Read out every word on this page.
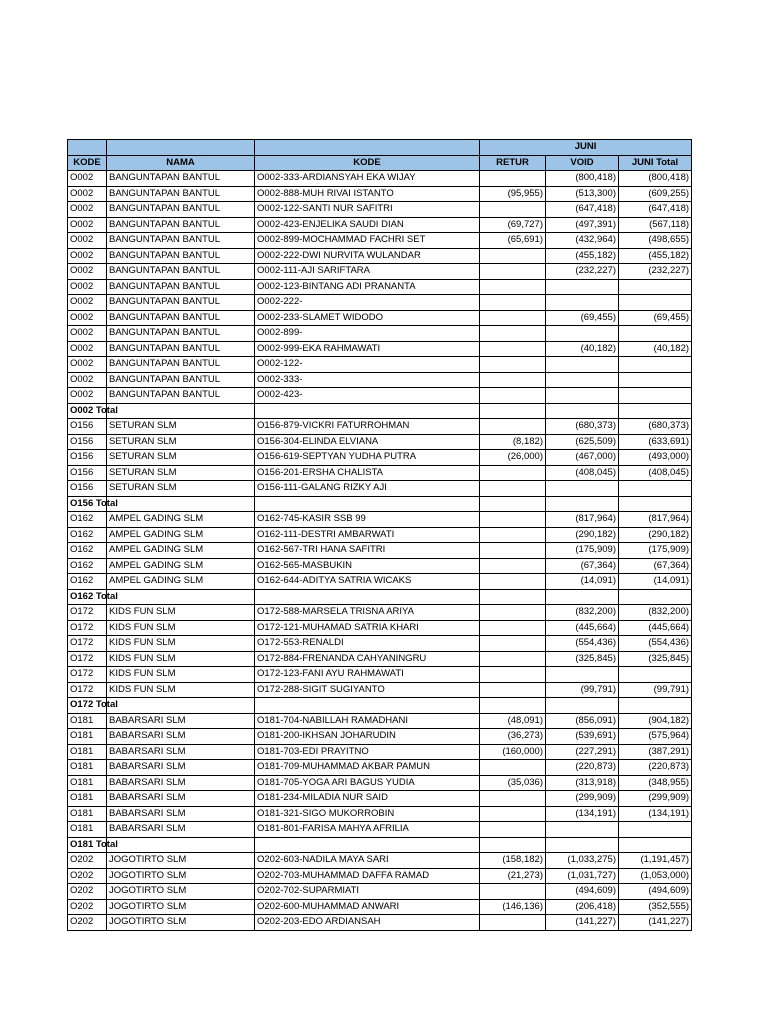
			JUNI		
KODE	NAMA	KODE	RETUR	VOID	JUNI Total
O002	BANGUNTAPAN BANTUL	O002-333-ARDIANSYAH EKA WIJAY		(800,418)	(800,418)
O002	BANGUNTAPAN BANTUL	O002-888-MUH RIVAI ISTANTO	(95,955)	(513,300)	(609,255)
O002	BANGUNTAPAN BANTUL	O002-122-SANTI NUR SAFITRI		(647,418)	(647,418)
O002	BANGUNTAPAN BANTUL	O002-423-ENJELIKA SAUDI DIAN	(69,727)	(497,391)	(567,118)
O002	BANGUNTAPAN BANTUL	O002-899-MOCHAMMAD FACHRI SET	(65,691)	(432,964)	(498,655)
O002	BANGUNTAPAN BANTUL	O002-222-DWI NURVITA WULANDAR		(455,182)	(455,182)
O002	BANGUNTAPAN BANTUL	O002-111-AJI SARIFTARA		(232,227)	(232,227)
O002	BANGUNTAPAN BANTUL	O002-123-BINTANG ADI PRANANTA			
O002	BANGUNTAPAN BANTUL	O002-222-			
O002	BANGUNTAPAN BANTUL	O002-233-SLAMET WIDODO		(69,455)	(69,455)
O002	BANGUNTAPAN BANTUL	O002-899-			
O002	BANGUNTAPAN BANTUL	O002-999-EKA RAHMAWATI		(40,182)	(40,182)
O002	BANGUNTAPAN BANTUL	O002-122-			
O002	BANGUNTAPAN BANTUL	O002-333-			
O002	BANGUNTAPAN BANTUL	O002-423-			
O002 Total					
O156	SETURAN SLM	O156-879-VICKRI FATURROHMAN		(680,373)	(680,373)
O156	SETURAN SLM	O156-304-ELINDA ELVIANA	(8,182)	(625,509)	(633,691)
O156	SETURAN SLM	O156-619-SEPTYAN YUDHA PUTRA	(26,000)	(467,000)	(493,000)
O156	SETURAN SLM	O156-201-ERSHA CHALISTA		(408,045)	(408,045)
O156	SETURAN SLM	O156-111-GALANG RIZKY AJI			
O156 Total					
O162	AMPEL GADING SLM	O162-745-KASIR SSB 99		(817,964)	(817,964)
O162	AMPEL GADING SLM	O162-111-DESTRI AMBARWATI		(290,182)	(290,182)
O162	AMPEL GADING SLM	O162-567-TRI HANA SAFITRI		(175,909)	(175,909)
O162	AMPEL GADING SLM	O162-565-MASBUKIN		(67,364)	(67,364)
O162	AMPEL GADING SLM	O162-644-ADITYA SATRIA WICAKS		(14,091)	(14,091)
O162 Total					
O172	KIDS FUN SLM	O172-588-MARSELA TRISNA ARIYA		(832,200)	(832,200)
O172	KIDS FUN SLM	O172-121-MUHAMAD SATRIA KHARI		(445,664)	(445,664)
O172	KIDS FUN SLM	O172-553-RENALDI		(554,436)	(554,436)
O172	KIDS FUN SLM	O172-884-FRENANDA CAHYANINGRU		(325,845)	(325,845)
O172	KIDS FUN SLM	O172-123-FANI AYU RAHMAWATI			
O172	KIDS FUN SLM	O172-288-SIGIT SUGIYANTO		(99,791)	(99,791)
O172 Total					
O181	BABARSARI SLM	O181-704-NABILLAH RAMADHANI	(48,091)	(856,091)	(904,182)
O181	BABARSARI SLM	O181-200-IKHSAN JOHARUDIN	(36,273)	(539,691)	(575,964)
O181	BABARSARI SLM	O181-703-EDI PRAYITNO	(160,000)	(227,291)	(387,291)
O181	BABARSARI SLM	O181-709-MUHAMMAD AKBAR PAMUN		(220,873)	(220,873)
O181	BABARSARI SLM	O181-705-YOGA ARI BAGUS YUDIA	(35,036)	(313,918)	(348,955)
O181	BABARSARI SLM	O181-234-MILADIA NUR SAID		(299,909)	(299,909)
O181	BABARSARI SLM	O181-321-SIGO MUKORROBIN		(134,191)	(134,191)
O181	BABARSARI SLM	O181-801-FARISA MAHYA AFRILIA			
O181 Total					
O202	JOGOTIRTO SLM	O202-603-NADILA MAYA SARI	(158,182)	(1,033,275)	(1,191,457)
O202	JOGOTIRTO SLM	O202-703-MUHAMMAD DAFFA RAMAD	(21,273)	(1,031,727)	(1,053,000)
O202	JOGOTIRTO SLM	O202-702-SUPARMIATI		(494,609)	(494,609)
O202	JOGOTIRTO SLM	O202-600-MUHAMMAD ANWARI	(146,136)	(206,418)	(352,555)
O202	JOGOTIRTO SLM	O202-203-EDO ARDIANSAH		(141,227)	(141,227)
